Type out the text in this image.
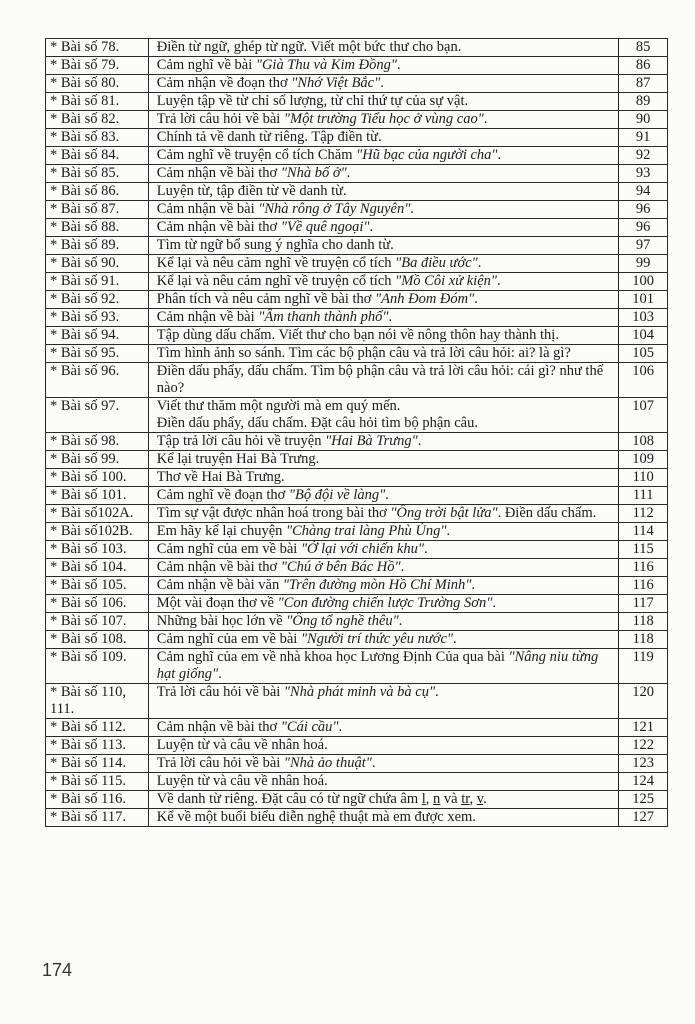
* Bài số 78.	Điền từ ngữ, ghép từ ngữ. Viết một bức thư cho bạn.	85
* Bài số 79.	Cảm nghĩ về bài "Già Thu và Kim Đồng".	86
* Bài số 80.	Cảm nhận về đoạn thơ "Nhớ Việt Bắc".	87
* Bài số 81.	Luyện tập về từ chỉ số lượng, từ chỉ thứ tự của sự vật.	89
* Bài số 82.	Trả lời câu hỏi về bài "Một trường Tiểu học ở vùng cao".	90
* Bài số 83.	Chính tả về danh từ riêng. Tập điền từ.	91
* Bài số 84.	Cảm nghĩ về truyện cổ tích Chăm "Hũ bạc của người cha".	92
* Bài số 85.	Cảm nhận về bài thơ "Nhà bố ở".	93
* Bài số 86.	Luyện từ, tập điền từ về danh từ.	94
* Bài số 87.	Cảm nhận về bài "Nhà rông ở Tây Nguyên".	96
* Bài số 88.	Cảm nhận về bài thơ "Về quê ngoại".	96
* Bài số 89.	Tìm từ ngữ bổ sung ý nghĩa cho danh từ.	97
* Bài số 90.	Kể lại và nêu cảm nghĩ về truyện cổ tích "Ba điều ước".	99
* Bài số 91.	Kể lại và nêu cảm nghĩ về truyện cổ tích "Mồ Côi xử kiện".	100
* Bài số 92.	Phân tích và nêu cảm nghĩ về bài thơ "Anh Đom Đóm".	101
* Bài số 93.	Cảm nhận về bài "Âm thanh thành phố".	103
* Bài số 94.	Tập dùng dấu chấm. Viết thư cho bạn nói về nông thôn hay thành thị.	104
* Bài số 95.	Tìm hình ảnh so sánh. Tìm các bộ phận câu và trả lời câu hỏi: ai? là gì?	105
* Bài số 96.	Điền dấu phẩy, dấu chấm. Tìm bộ phận câu và trả lời câu hỏi: cái gì? như thế nào?	106
* Bài số 97.	Viết thư thăm một người mà em quý mến.
Điền dấu phẩy, dấu chấm. Đặt câu hỏi tìm bộ phận câu.	107
* Bài số 98.	Tập trả lời câu hỏi về truyện "Hai Bà Trưng".	108
* Bài số 99.	Kể lại truyện Hai Bà Trưng.	109
* Bài số 100.	Thơ về Hai Bà Trưng.	110
* Bài số 101.	Cảm nghĩ về đoạn thơ "Bộ đội về làng".	111
* Bài số102A.	Tìm sự vật được nhân hoá trong bài thơ "Ông trời bật lửa". Điền dấu chấm.	112
* Bài số102B.	Em hãy kể lại chuyện "Chàng trai làng Phù Ủng".	114
* Bài số 103.	Cảm nghĩ của em về bài "Ở lại với chiến khu".	115
* Bài số 104.	Cảm nhận về bài thơ "Chú ở bên Bác Hồ".	116
* Bài số 105.	Cảm nhận về bài văn "Trên đường mòn Hồ Chí Minh".	116
* Bài số 106.	Một vài đoạn thơ về "Con đường chiến lược Trường Sơn".	117
* Bài số 107.	Những bài học lớn về "Ông tổ nghề thêu".	118
* Bài số 108.	Cảm nghĩ của em về bài "Người trí thức yêu nước".	118
* Bài số 109.	Cảm nghĩ của em về nhà khoa học Lương Định Của qua bài "Nâng niu từng hạt giống".	119
* Bài số 110, 111.	Trả lời câu hỏi về bài "Nhà phát minh và bà cụ".	120
* Bài số 112.	Cảm nhận về bài thơ "Cái cầu".	121
* Bài số 113.	Luyện từ và câu về nhân hoá.	122
* Bài số 114.	Trả lời câu hỏi về bài "Nhà ảo thuật".	123
* Bài số 115.	Luyện từ và câu về nhân hoá.	124
* Bài số 116.	Về danh từ riêng. Đặt câu có từ ngữ chứa âm l, n và tr, v.	125
* Bài số 117.	Kể về một buổi biểu diễn nghệ thuật mà em được xem.	127
174
